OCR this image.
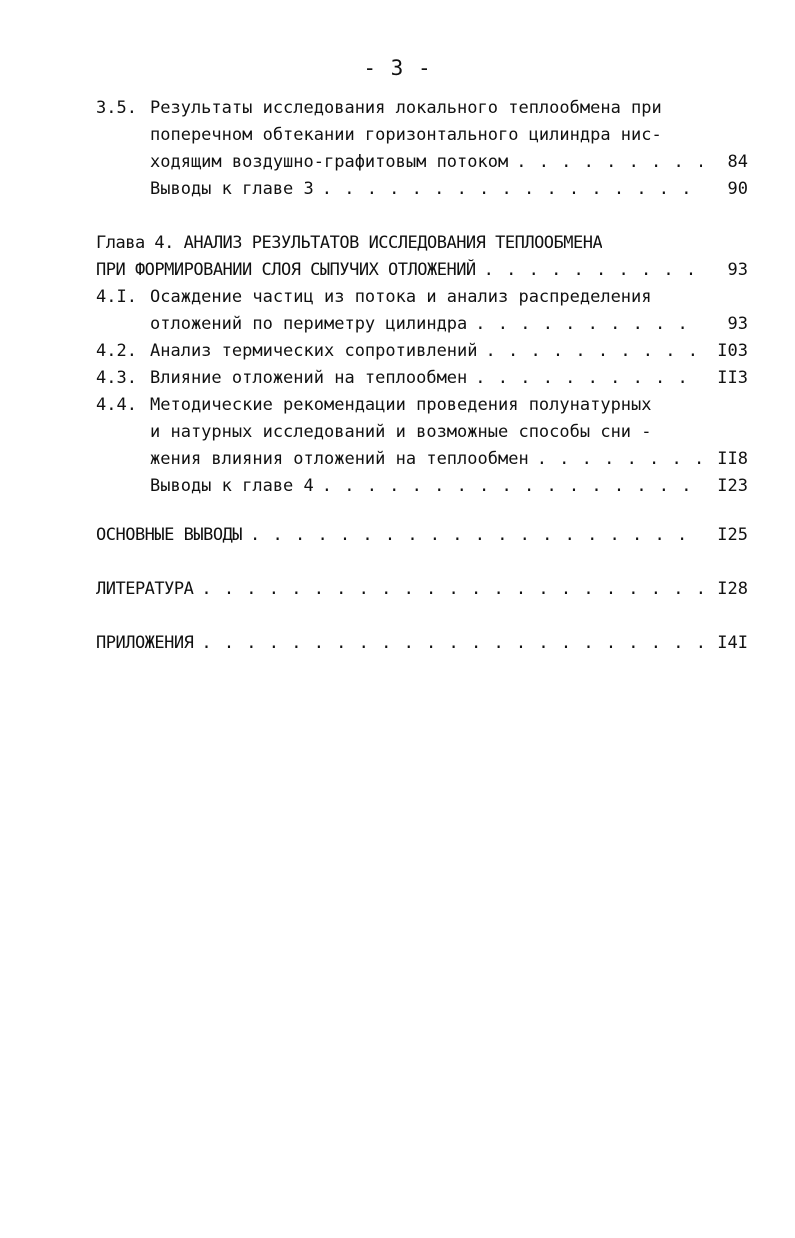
- 3 -
3.5. Результаты исследования локального теплообмена при
поперечном обтекании горизонтального цилиндра нис-
ходящим воздушно-графитовым потоком . . .	84
Выводы к главе 3 . . .	90
Глава 4. АНАЛИЗ РЕЗУЛЬТАТОВ ИССЛЕДОВАНИЯ ТЕПЛООБМЕНА
ПРИ ФОРМИРОВАНИИ СЛОЯ СЫПУЧИХ ОТЛОЖЕНИЙ . . .	93
4.I. Осаждение частиц из потока и анализ распределения
отложений по периметру цилиндра . . .	93
4.2. Анализ термических сопротивлений . . .	I03
4.3. Влияние отложений на теплообмен . . .	II3
4.4. Методические рекомендации проведения полунатурных
и натурных исследований и возможные способы сни -
жения влияния отложений на теплообмен . . .	II8
Выводы к главе 4 . . .	I23
ОСНОВНЫЕ ВЫВОДЫ . . .	I25
ЛИТЕРАТУРА . . .	I28
ПРИЛОЖЕНИЯ . . .	I4I
